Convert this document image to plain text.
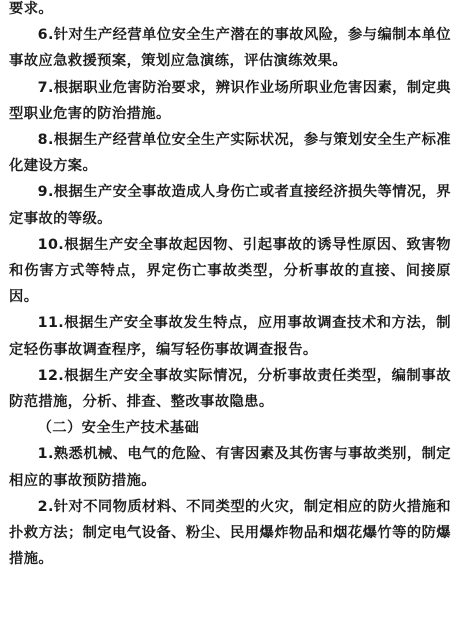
要求。

6.针对生产经营单位安全生产潜在的事故风险，参与编制本单位事故应急救援预案，策划应急演练，评估演练效果。

7.根据职业危害防治要求，辨识作业场所职业危害因素，制定典型职业危害的防治措施。

8.根据生产经营单位安全生产实际状况，参与策划安全生产标准化建设方案。

9.根据生产安全事故造成人身伤亡或者直接经济损失等情况，界定事故的等级。

10.根据生产安全事故起因物、引起事故的诱导性原因、致害物和伤害方式等特点，界定伤亡事故类型，分析事故的直接、间接原因。

11.根据生产安全事故发生特点，应用事故调查技术和方法，制定轻伤事故调查程序，编写轻伤事故调查报告。

12.根据生产安全事故实际情况，分析事故责任类型，编制事故防范措施，分析、排查、整改事故隐患。

（二）安全生产技术基础

1.熟悉机械、电气的危险、有害因素及其伤害与事故类别，制定相应的事故预防措施。

2.针对不同物质材料、不同类型的火灾，制定相应的防火措施和扑救方法；制定电气设备、粉尘、民用爆炸物品和烟花爆竹等的防爆措施。
